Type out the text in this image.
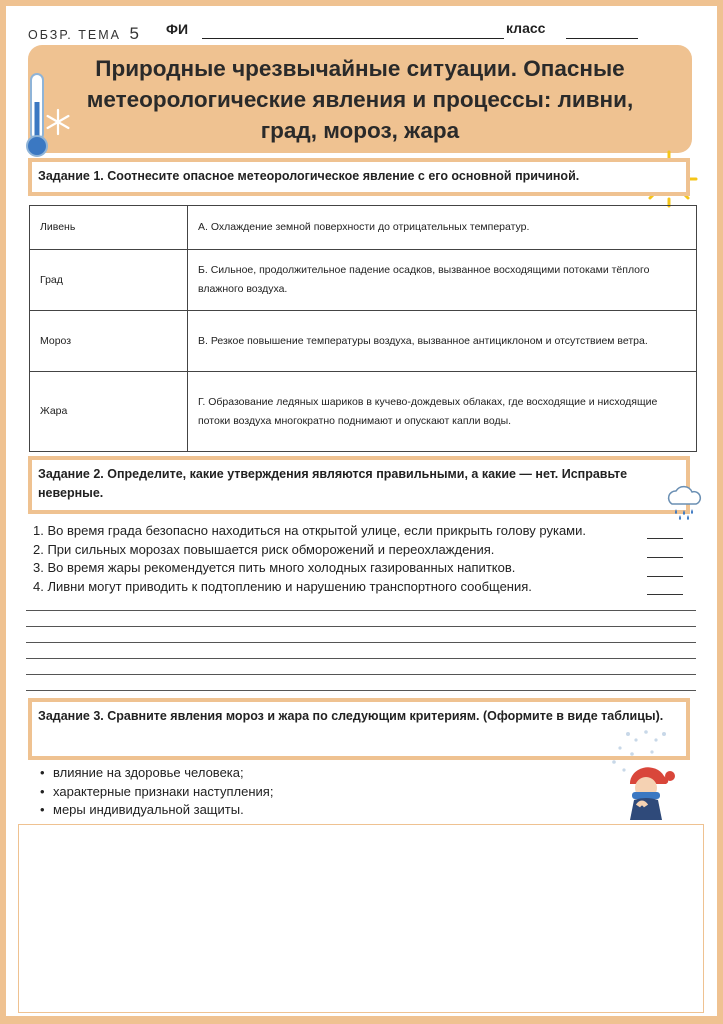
ОБЗР. ТЕМА 5 ФИ	класс
Природные чрезвычайные ситуации. Опасные метеорологические явления и процессы: ливни, град, мороз, жара
Задание 1. Соотнесите опасное метеорологическое явление с его основной причиной.
Ливень	А. Охлаждение земной поверхности до отрицательных температур.
Град	Б. Сильное, продолжительное падение осадков, вызванное восходящими потоками тёплого влажного воздуха.
Мороз	В. Резкое повышение температуры воздуха, вызванное антициклоном и отсутствием ветра.
Жара	Г. Образование ледяных шариков в кучево-дождевых облаках, где восходящие и нисходящие потоки воздуха многократно поднимают и опускают капли воды.
Задание 2. Определите, какие утверждения являются правильными, а какие — нет. Исправьте неверные.
1. Во время града безопасно находиться на открытой улице, если прикрыть голову руками.
2. При сильных морозах повышается риск обморожений и переохлаждения.
3. Во время жары рекомендуется пить много холодных газированных напитков.
4. Ливни могут приводить к подтоплению и нарушению транспортного сообщения.
Задание 3. Сравните явления мороз и жара по следующим критериям. (Оформите в виде таблицы).
• влияние на здоровье человека;
• характерные признаки наступления;
• меры индивидуальной защиты.
